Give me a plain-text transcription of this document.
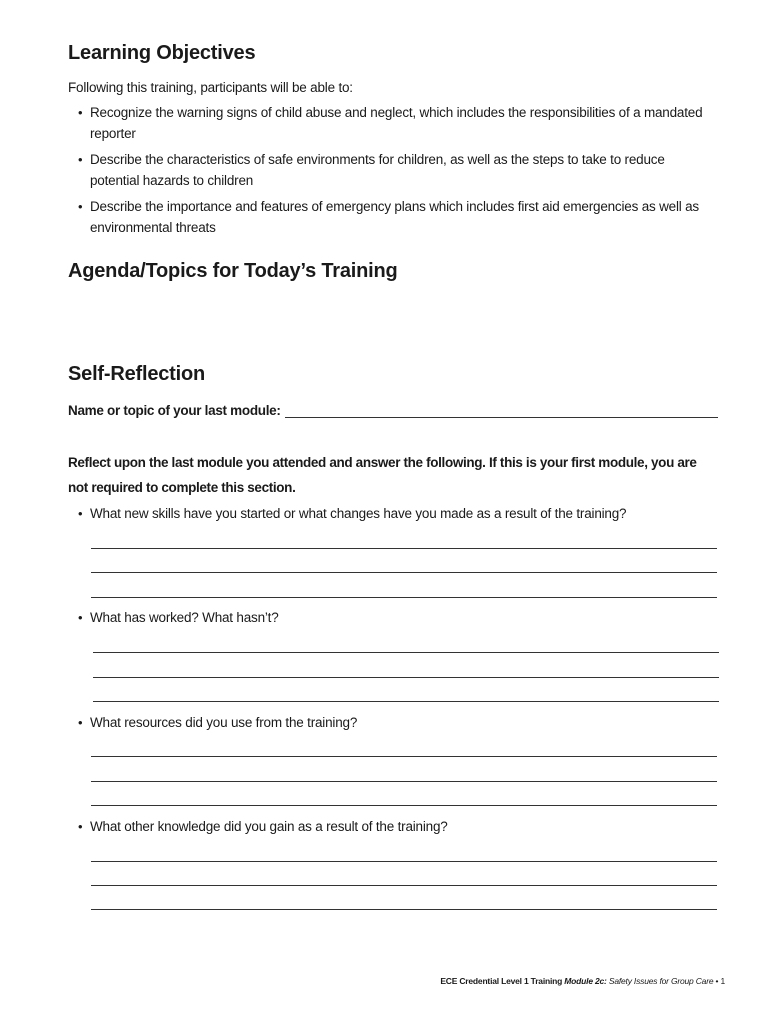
Learning Objectives
Following this training, participants will be able to:
• Recognize the warning signs of child abuse and neglect, which includes the responsibilities of a mandated reporter
• Describe the characteristics of safe environments for children, as well as the steps to take to reduce potential hazards to children
• Describe the importance and features of emergency plans which includes first aid emergencies as well as environmental threats
Agenda/Topics for Today’s Training
Self-Reflection
Name or topic of your last module:

Reflect upon the last module you attended and answer the following. If this is your first module, you are not required to complete this section.

• What new skills have you started or what changes have you made as a result of the training?
• What has worked? What hasn’t?
• What resources did you use from the training?
• What other knowledge did you gain as a result of the training?
ECE Credential Level 1 Training Module 2c: Safety Issues for Group Care • 1
